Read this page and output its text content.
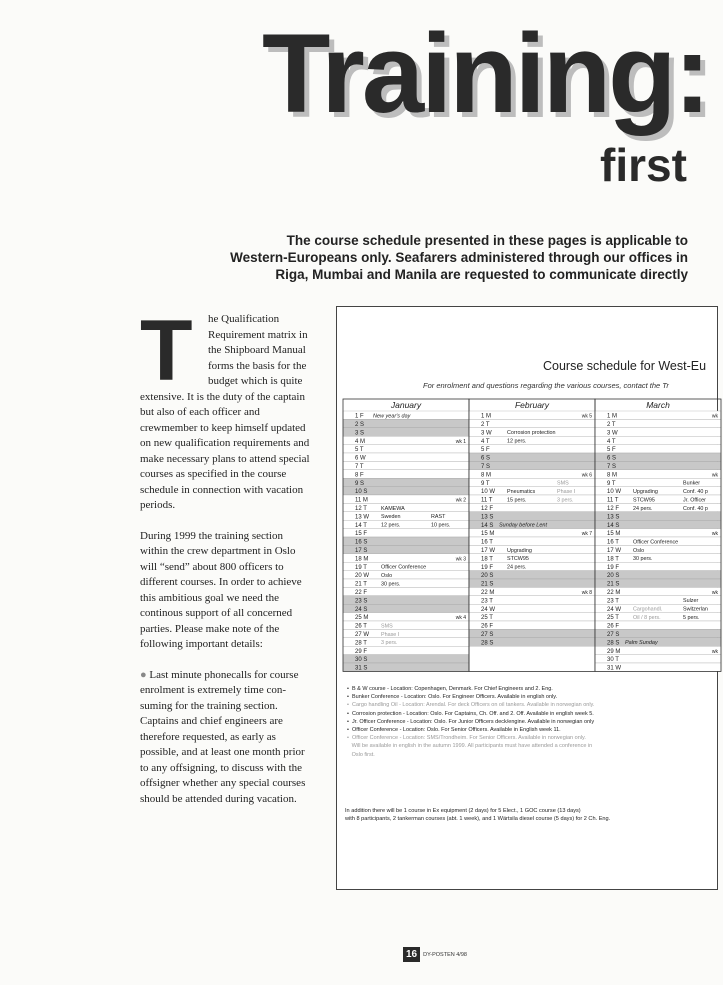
Training:
first
The course schedule presented in these pages is applicable to
Western-Europeans only. Seafarers administered through our offices in
Riga, Mumbai and Manila are requested to communicate directly
T	he Qualification Requirement matrix in the Shipboard Manual forms the basis for the budget which is quite extensive. It is the duty of the captain but also of each officer and crewmember to keep himself updated on new qualification requirements and make necessary plans to attend special courses as specified in the course schedule in connection with vacation periods.

During 1999 the training section within the crew department in Oslo will “send” about 800 officers to different courses. In order to achieve this ambitious goal we need the continous support of all concerned parties. Please make note of the following important details:

● Last minute phonecalls for course enrolment is extremely time con-suming for the training section. Captains and chief engineers are therefore requested, as early as possible, and at least one month prior to any offsigning, to discuss with the offsigner whether any special courses should be attended during vacation.

Course schedule for West-Eu
For enrolment and questions regarding the various courses, contact the Tr
January
1 F
2 S
3 S
4 M
5 T
6 W
7 T
8 F
9 S
10 S
11 M
12 T
13 W
14 T
15 F
16 S
17 S
18 M
19 T
20 W
21 T
22 F
23 S
24 S
25 M
26 T
27 W
28 T
29 F
30 S
31 S
wk 1
wk 2
wk 3
wk 4
New year's day
KAMEWA
Sweden
12 pers.
RAST
10 pers.
Officer Conference
Oslo
30 pers.
SMS
Phase I
3 pers.
February
1 M
2 T
3 W
4 T
5 F
6 S
7 S
8 M
9 T
10 W
11 T
12 F
13 S
14 S
15 M
16 T
17 W
18 T
19 F
20 S
21 S
22 M
23 T
24 W
25 T
26 F
27 S
28 S
wk 5
wk 6
wk 7
wk 8
Sunday before Lent
Corrosion protection
12 pers.
Pneumatics
15 pers.
SMS
Phase I
3 pers.
Upgrading
STCW95
24 pers.
March
1 M
2 T
3 W
4 T
5 F
6 S
7 S
8 M
9 T
10 W
11 T
12 F
13 S
14 S
15 M
16 T
17 W
18 T
19 F
20 S
21 S
22 M
23 T
24 W
25 T
26 F
27 S
28 S
29 M
30 T
31 W
wk
wk
wk
wk
wk
Palm Sunday
Upgrading
STCW95
24 pers.
Bunker
Conf. 40 p
Jr. Officer
Conf. 40 p
Officer Conference
Oslo
30 pers.
Sulzer
Cargohandl.
Oil / 8 pers.
Switzerlan
5 pers.
•  B & W course - Location: Copenhagen, Denmark. For Chief Engineers and 2. Eng.
•  Bunker Conference - Location: Oslo. For Engineer Officers. Available in english only.
•  Cargo handling Oil - Location: Arendal. For deck Officers on oil tankers. Available in norwegian only.
•  Corrosion protection - Location: Oslo. For Captains, Ch. Off. and 2. Off. Available in english week 5.
•  Jr. Officer Conference - Location: Oslo. For Junior Officers deck/engine. Available in norwegian only
•  Officer Conference - Location: Oslo. For Senior Officers. Available in English week 11.
•  Officer Conference - Location: SMS/Trondheim. For Senior Officers. Available in norwegian only.
Will be available in english in the autumn 1999. All participants must have attended a conference in
Oslo first.
In addition there will be 1 course in Ex equipment (2 days) for 5 Elect., 1 GOC course (13 days)
with 8 participants, 2 tankerman courses (abt. 1 week), and 1 Wärtsila diesel course (5 days) for 2 Ch. Eng.
16 DY-POSTEN 4/98
